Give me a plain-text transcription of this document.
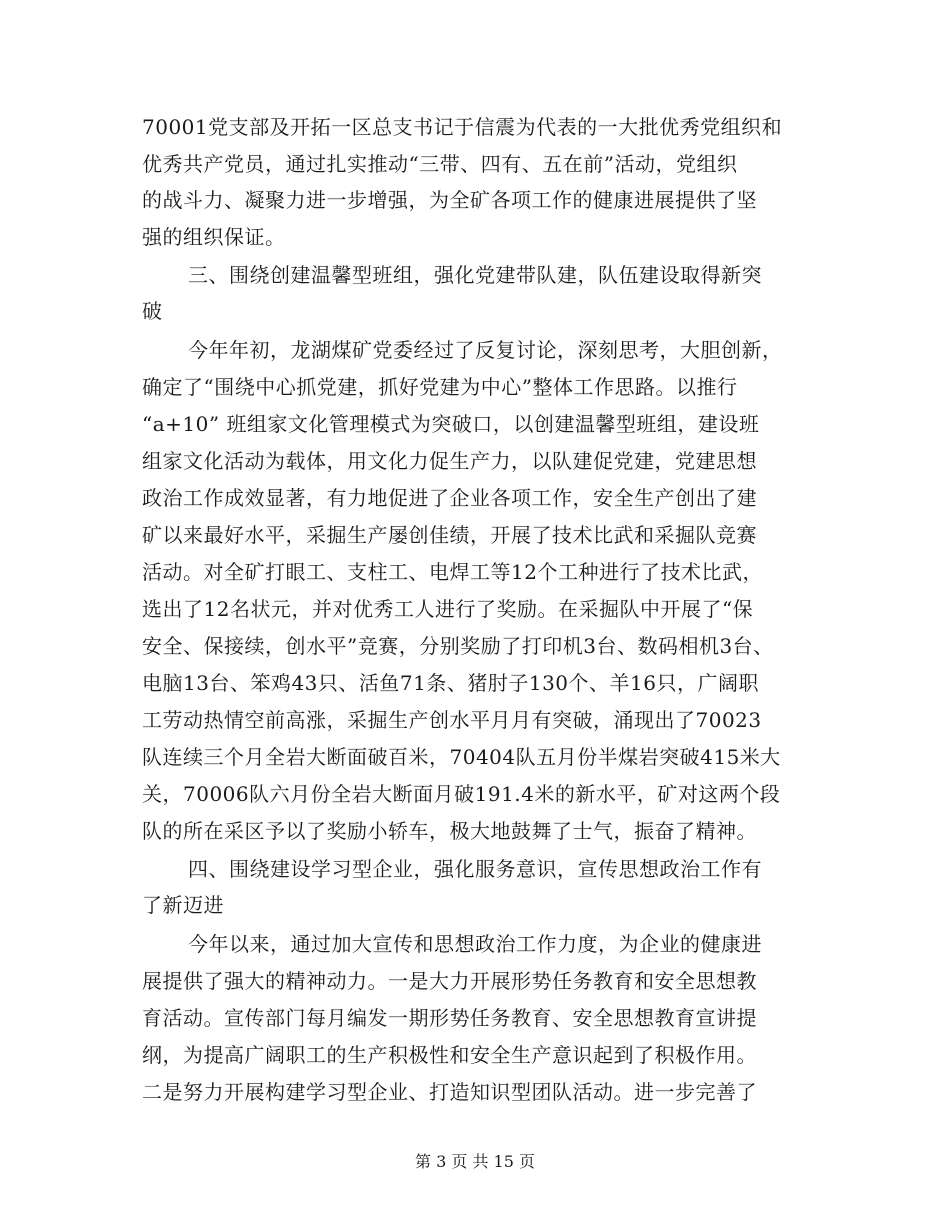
70001党支部及开拓一区总支书记于信震为代表的一大批优秀党组织和
优秀共产党员，通过扎实推动“三带、四有、五在前”活动，党组织
的战斗力、凝聚力进一步增强，为全矿各项工作的健康进展提供了坚
强的组织保证。
三、围绕创建温馨型班组，强化党建带队建，队伍建设取得新突
破
今年年初，龙湖煤矿党委经过了反复讨论，深刻思考，大胆创新，
确定了“围绕中心抓党建，抓好党建为中心”整体工作思路。以推行
“a+10” 班组家文化管理模式为突破口，以创建温馨型班组，建设班
组家文化活动为载体，用文化力促生产力，以队建促党建，党建思想
政治工作成效显著，有力地促进了企业各项工作，安全生产创出了建
矿以来最好水平，采掘生产屡创佳绩，开展了技术比武和采掘队竞赛
活动。对全矿打眼工、支柱工、电焊工等12个工种进行了技术比武，
选出了12名状元，并对优秀工人进行了奖励。在采掘队中开展了“保
安全、保接续，创水平”竞赛，分别奖励了打印机3台、数码相机3台、
电脑13台、笨鸡43只、活鱼71条、猪肘子130个、羊16只，广阔职
工劳动热情空前高涨，采掘生产创水平月月有突破，涌现出了70023
队连续三个月全岩大断面破百米，70404队五月份半煤岩突破415米大
关，70006队六月份全岩大断面月破191.4米的新水平，矿对这两个段
队的所在采区予以了奖励小轿车，极大地鼓舞了士气，振奋了精神。
四、围绕建设学习型企业，强化服务意识，宣传思想政治工作有
了新迈进
今年以来，通过加大宣传和思想政治工作力度，为企业的健康进
展提供了强大的精神动力。一是大力开展形势任务教育和安全思想教
育活动。宣传部门每月编发一期形势任务教育、安全思想教育宣讲提
纲，为提高广阔职工的生产积极性和安全生产意识起到了积极作用。
二是努力开展构建学习型企业、打造知识型团队活动。进一步完善了
第 3 页 共 15 页
